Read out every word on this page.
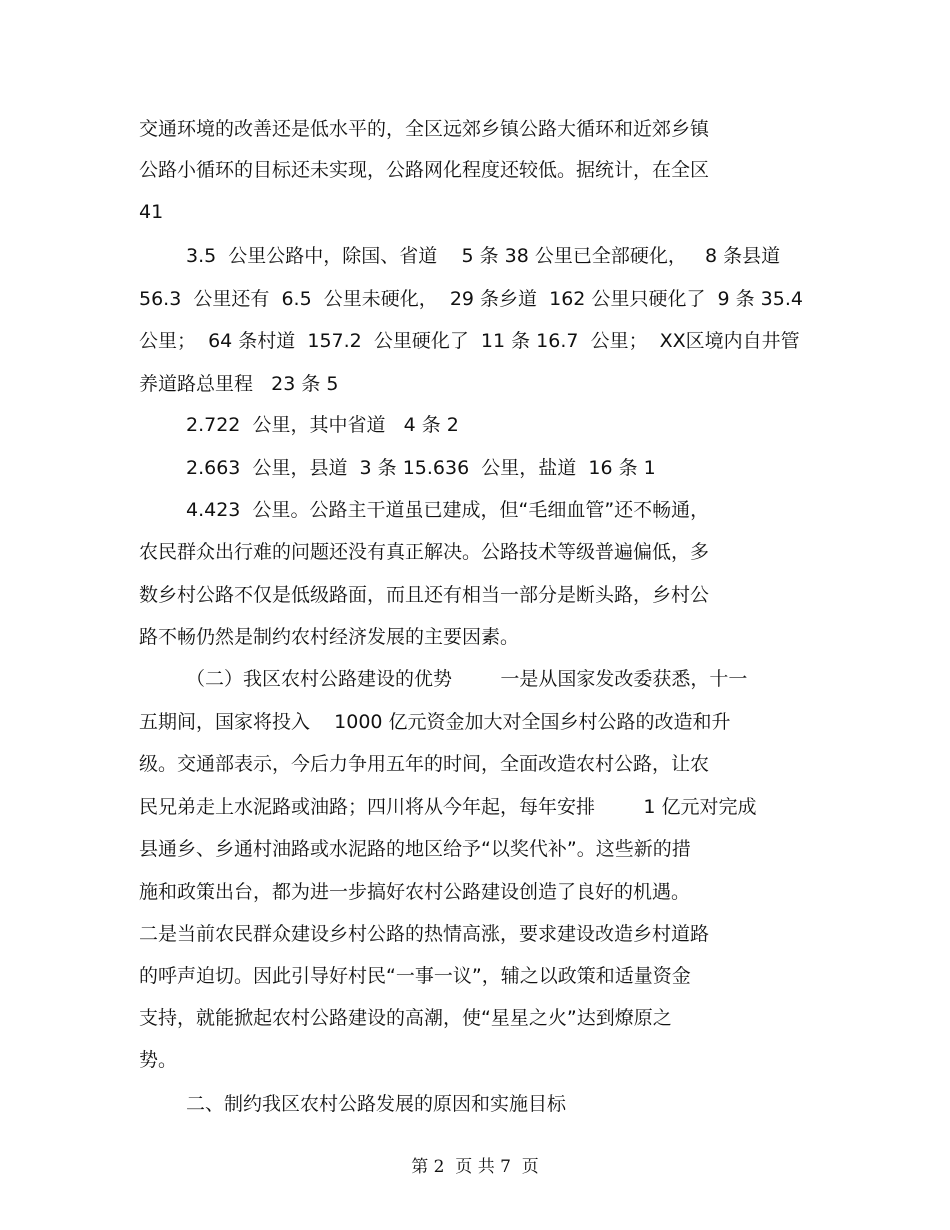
交通环境的改善还是低水平的，全区远郊乡镇公路大循环和近郊乡镇
公路小循环的目标还未实现，公路网化程度还较低。据统计，在全区
41
3.5  公里公路中，除国、省道    5 条 38 公里已全部硬化，   8 条县道
56.3  公里还有  6.5  公里未硬化，  29 条乡道  162 公里只硬化了  9 条 35.4
公里；  64 条村道  157.2  公里硬化了  11 条 16.7  公里；  XX区境内自井管
养道路总里程   23 条 5
2.722  公里，其中省道   4 条 2
2.663  公里，县道  3 条 15.636  公里，盐道  16 条 1
4.423  公里。公路主干道虽已建成，但“毛细血管”还不畅通，
农民群众出行难的问题还没有真正解决。公路技术等级普遍偏低，多
数乡村公路不仅是低级路面，而且还有相当一部分是断头路，乡村公
路不畅仍然是制约农村经济发展的主要因素。
（二）我区农村公路建设的优势        一是从国家发改委获悉，十一
五期间，国家将投入    1000 亿元资金加大对全国乡村公路的改造和升
级。交通部表示，今后力争用五年的时间，全面改造农村公路，让农
民兄弟走上水泥路或油路；四川将从今年起，每年安排        1 亿元对完成
县通乡、乡通村油路或水泥路的地区给予“以奖代补”。这些新的措
施和政策出台，都为进一步搞好农村公路建设创造了良好的机遇。
二是当前农民群众建设乡村公路的热情高涨，要求建设改造乡村道路
的呼声迫切。因此引导好村民“一事一议”，辅之以政策和适量资金
支持，就能掀起农村公路建设的高潮，使“星星之火”达到燎原之
势。
二、制约我区农村公路发展的原因和实施目标
第 2  页 共 7  页
